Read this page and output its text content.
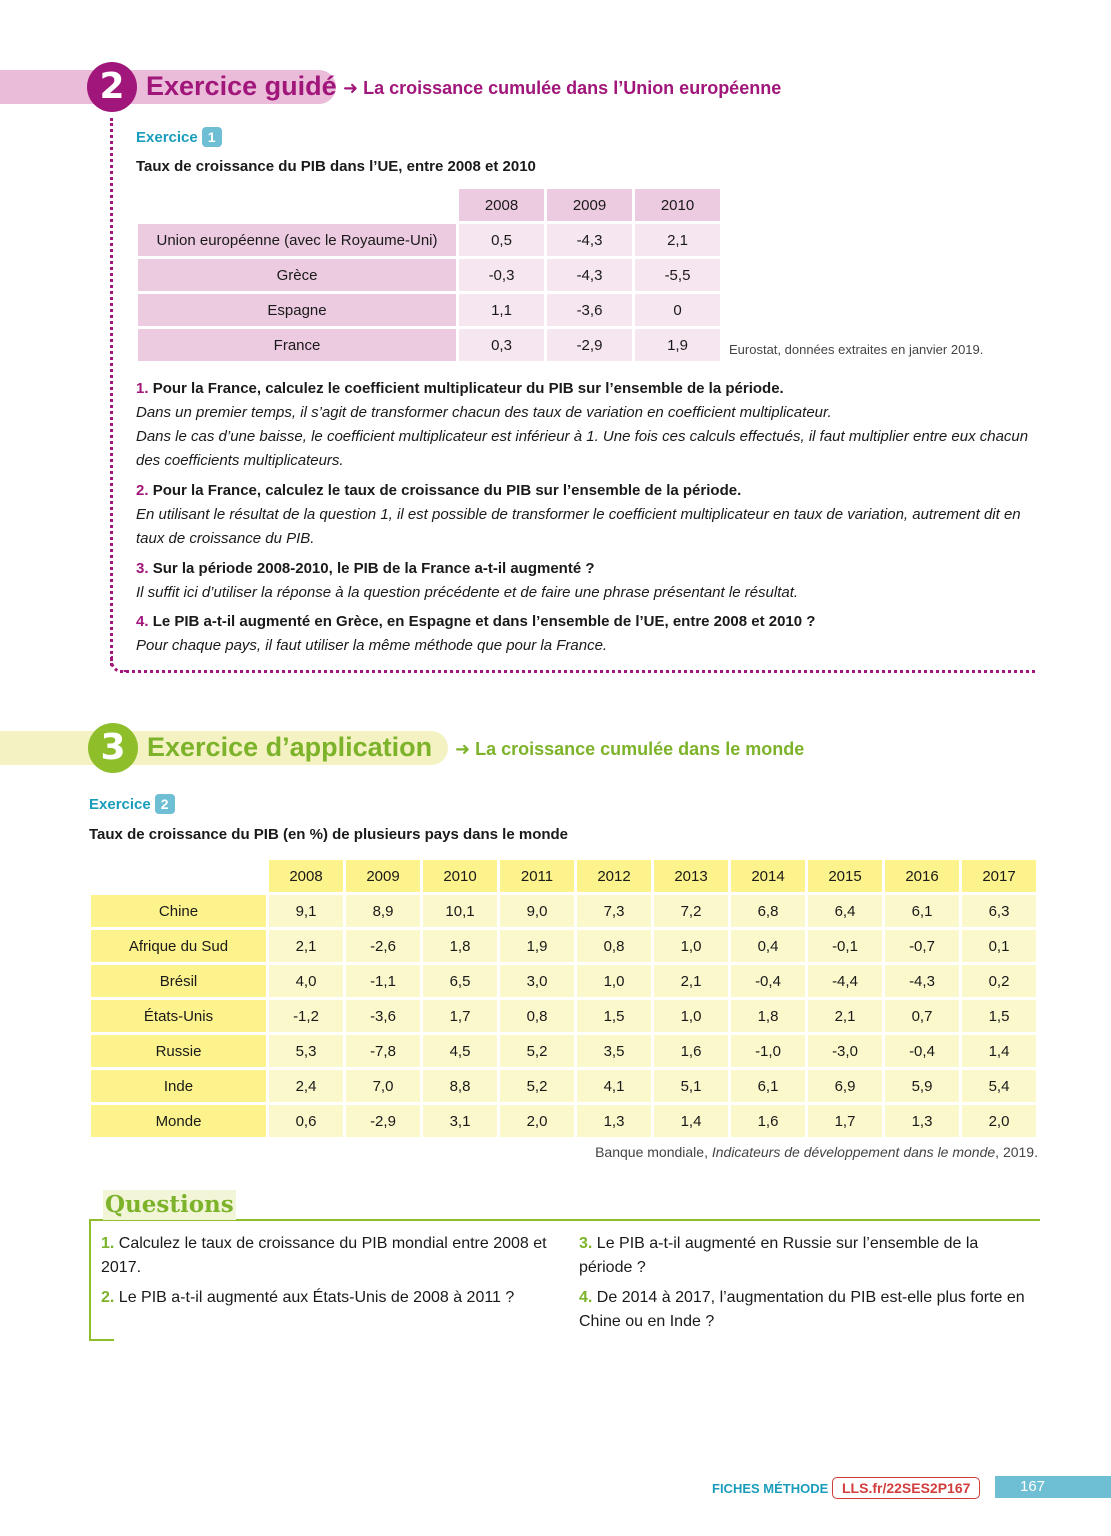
2 Exercice guidé ➜ La croissance cumulée dans l’Union européenne
Exercice 1
Taux de croissance du PIB dans l’UE, entre 2008 et 2010
	2008	2009	2010
Union européenne (avec le Royaume-Uni)	0,5	-4,3	2,1
Grèce	-0,3	-4,3	-5,5
Espagne	1,1	-3,6	0
France	0,3	-2,9	1,9	Eurostat, données extraites en janvier 2019.
1. Pour la France, calculez le coefficient multiplicateur du PIB sur l’ensemble de la période.
Dans un premier temps, il s’agit de transformer chacun des taux de variation en coefficient multiplicateur.
Dans le cas d’une baisse, le coefficient multiplicateur est inférieur à 1. Une fois ces calculs effectués, il faut multiplier entre eux chacun des coefficients multiplicateurs.
2. Pour la France, calculez le taux de croissance du PIB sur l’ensemble de la période.
En utilisant le résultat de la question 1, il est possible de transformer le coefficient multiplicateur en taux de variation, autrement dit en taux de croissance du PIB.
3. Sur la période 2008-2010, le PIB de la France a-t-il augmenté ?
Il suffit ici d’utiliser la réponse à la question précédente et de faire une phrase présentant le résultat.
4. Le PIB a-t-il augmenté en Grèce, en Espagne et dans l’ensemble de l’UE, entre 2008 et 2010 ?
Pour chaque pays, il faut utiliser la même méthode que pour la France.
3 Exercice d’application ➜ La croissance cumulée dans le monde
Exercice 2
Taux de croissance du PIB (en %) de plusieurs pays dans le monde
	2008	2009	2010	2011	2012	2013	2014	2015	2016	2017
Chine	9,1	8,9	10,1	9,0	7,3	7,2	6,8	6,4	6,1	6,3
Afrique du Sud	2,1	-2,6	1,8	1,9	0,8	1,0	0,4	-0,1	-0,7	0,1
Brésil	4,0	-1,1	6,5	3,0	1,0	2,1	-0,4	-4,4	-4,3	0,2
États-Unis	-1,2	-3,6	1,7	0,8	1,5	1,0	1,8	2,1	0,7	1,5
Russie	5,3	-7,8	4,5	5,2	3,5	1,6	-1,0	-3,0	-0,4	1,4
Inde	2,4	7,0	8,8	5,2	4,1	5,1	6,1	6,9	5,9	5,4
Monde	0,6	-2,9	3,1	2,0	1,3	1,4	1,6	1,7	1,3	2,0
Banque mondiale, Indicateurs de développement dans le monde, 2019.
Questions

1. Calculez le taux de croissance du PIB mondial entre 2008 et 2017.

2. Le PIB a-t-il augmenté aux États-Unis de 2008 à 2011 ?

3. Le PIB a-t-il augmenté en Russie sur l’ensemble de la période ?

4. De 2014 à 2017, l’augmentation du PIB est-elle plus forte en Chine ou en Inde ?

FICHES MÉTHODE LLS.fr/22SES2P167	167
